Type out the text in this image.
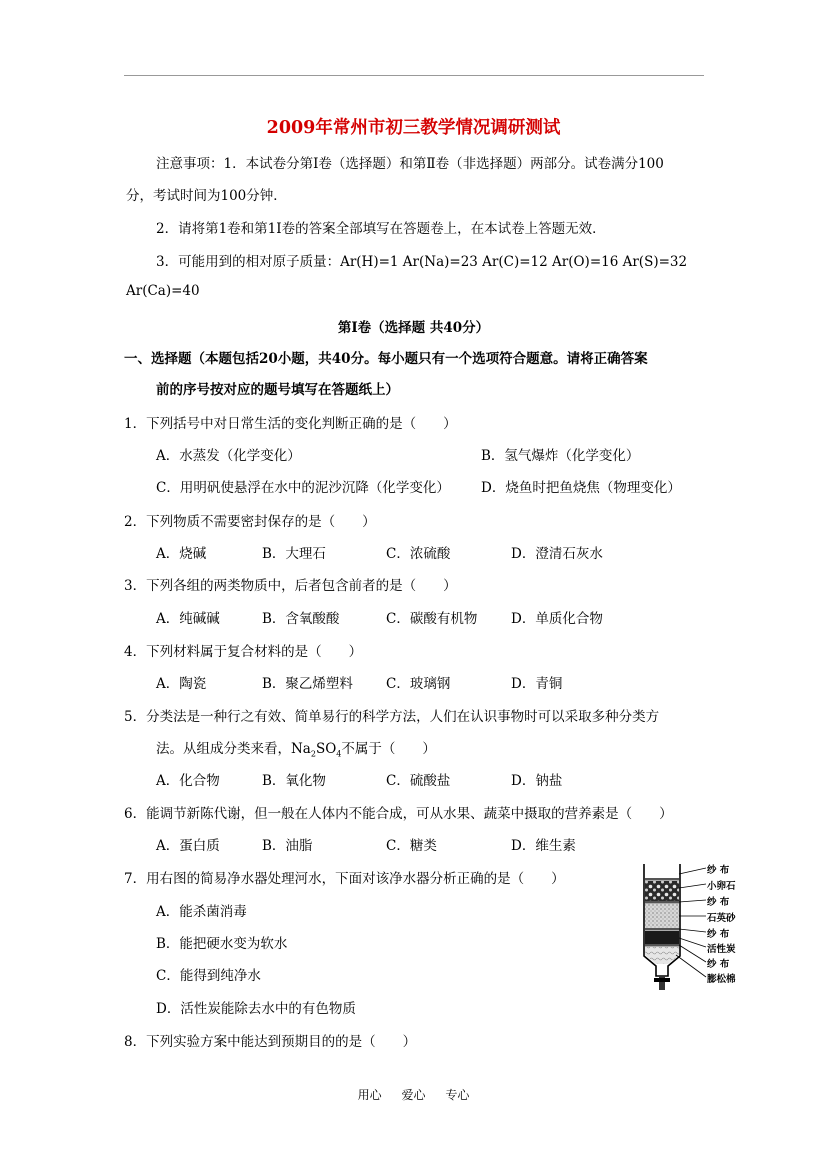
2009年常州市初三教学情况调研测试
注意事项：1．本试卷分第Ⅰ卷（选择题）和第Ⅱ卷（非选择题）两部分。试卷满分100
分，考试时间为100分钟．
2．请将第1卷和第1I卷的答案全部填写在答题卷上，在本试卷上答题无效．
3．可能用到的相对原子质量：Ar(H)=1 Ar(Na)=23 Ar(C)=12 Ar(O)=16 Ar(S)=32
Ar(Ca)=40
第Ⅰ卷（选择题 共40分）
一、选择题（本题包括20小题，共40分。每小题只有一个选项符合题意。请将正确答案
前的序号按对应的题号填写在答题纸上）
1．下列括号中对日常生活的变化判断正确的是（　　）
A．水蒸发（化学变化）	B．氢气爆炸（化学变化）
C．用明矾使悬浮在水中的泥沙沉降（化学变化） D．烧鱼时把鱼烧焦（物理变化）
2．下列物质不需要密封保存的是（　　）
A．烧碱	B．大理石	C．浓硫酸	D．澄清石灰水
3．下列各组的两类物质中，后者包含前者的是（　　）
A．纯碱碱	B．含氧酸酸	C．碳酸有机物 D．单质化合物
4．下列材料属于复合材料的是（　　）
A．陶瓷	B．聚乙烯塑料 C．玻璃钢	D．青铜
5．分类法是一种行之有效、简单易行的科学方法，人们在认识事物时可以采取多种分类方
法。从组成分类来看，$Na_2SO_4$不属于（　　）
A．化合物	B．氧化物	C．硫酸盐	D．钠盐
6．能调节新陈代谢，但一般在人体内不能合成，可从水果、蔬菜中摄取的营养素是（　　）
A．蛋白质	B．油脂	C．糖类	D．维生素
7．用右图的简易净水器处理河水，下面对该净水器分析正确的是（　　）
A．能杀菌消毒
B．能把硬水变为软水
C．能得到纯净水
D．活性炭能除去水中的有色物质
8．下列实验方案中能达到预期目的的是（　　）
纱 布
小卵石
纱 布
石英砂
纱 布
活性炭
纱 布
膨松棉
用心 爱心 专心
